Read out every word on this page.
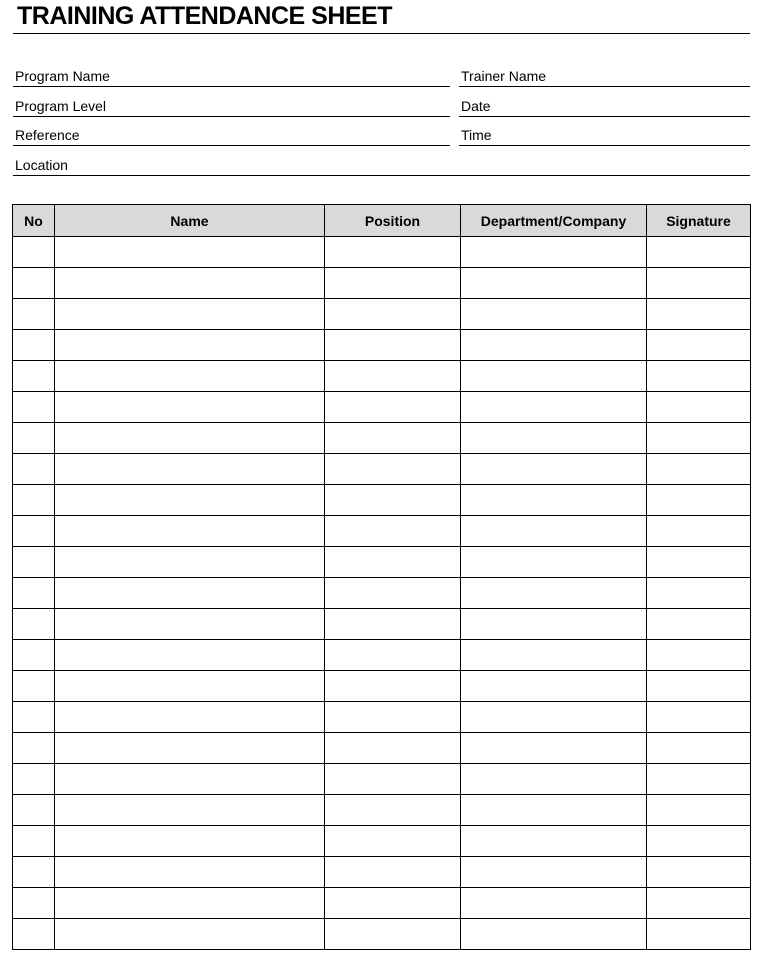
TRAINING ATTENDANCE SHEET
Program Name
Program Level
Reference
Location
Trainer Name
Date
Time
No	Name	Position	Department/Company	Signature
